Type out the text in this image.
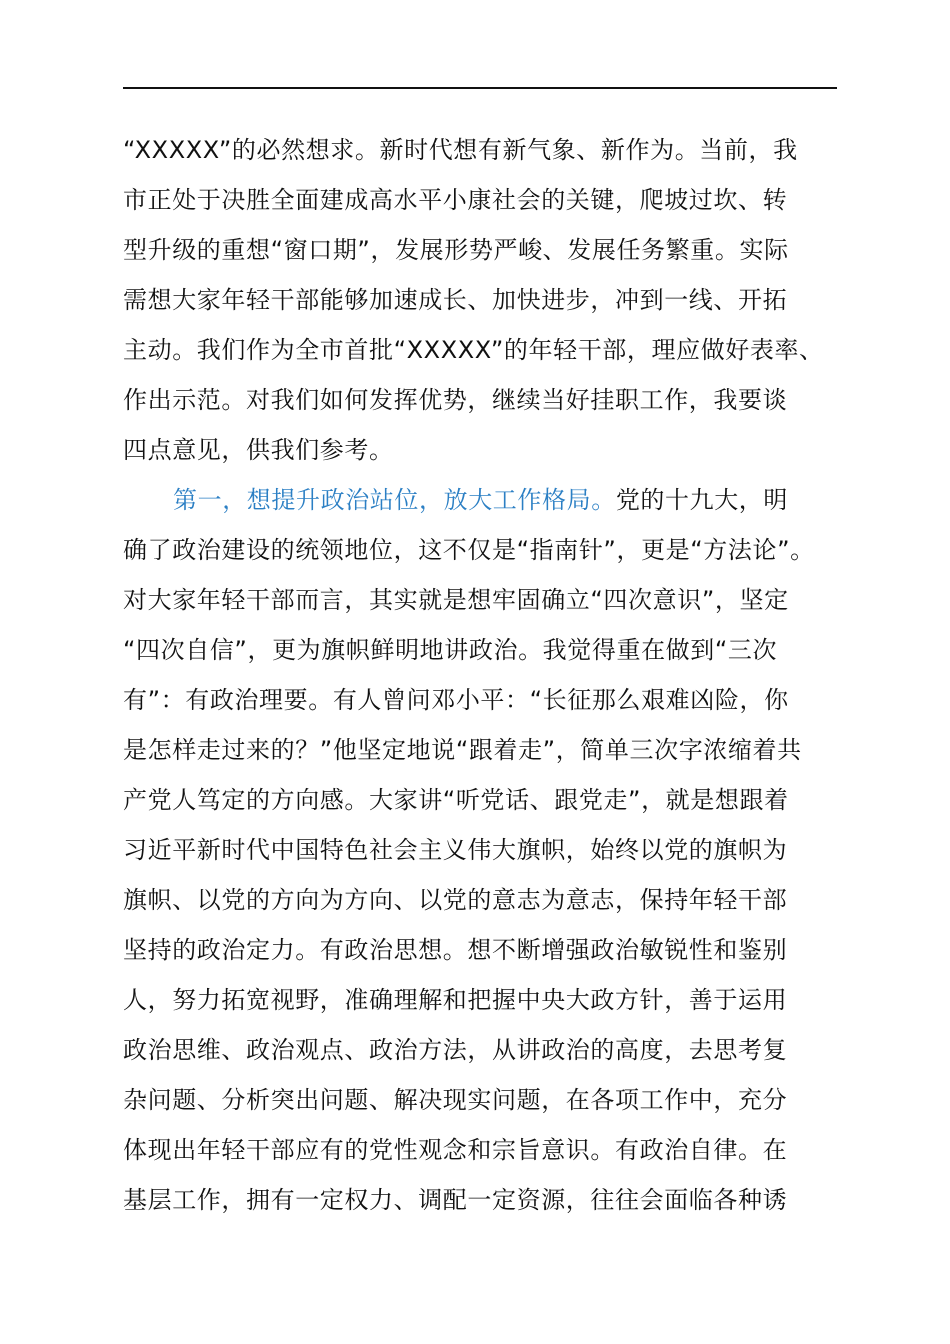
“XXXXX”的必然想求。新时代想有新气象、新作为。当前，我
市正处于决胜全面建成高水平小康社会的关键，爬坡过坎、转
型升级的重想“窗口期”，发展形势严峻、发展任务繁重。实际
需想大家年轻干部能够加速成长、加快进步，冲到一线、开拓
主动。我们作为全市首批“XXXXX”的年轻干部，理应做好表率、
作出示范。对我们如何发挥优势，继续当好挂职工作，我要谈
四点意见，供我们参考。
第一，想提升政治站位，放大工作格局。党的十九大，明
确了政治建设的统领地位，这不仅是“指南针”，更是“方法论”。
对大家年轻干部而言，其实就是想牢固确立“四次意识”，坚定
“四次自信”，更为旗帜鲜明地讲政治。我觉得重在做到“三次
有”：有政治理要。有人曾问邓小平：“长征那么艰难凶险，你
是怎样走过来的？”他坚定地说“跟着走”，简单三次字浓缩着共
产党人笃定的方向感。大家讲“听党话、跟党走”，就是想跟着
习近平新时代中国特色社会主义伟大旗帜，始终以党的旗帜为
旗帜、以党的方向为方向、以党的意志为意志，保持年轻干部
坚持的政治定力。有政治思想。想不断增强政治敏锐性和鉴别
人，努力拓宽视野，准确理解和把握中央大政方针，善于运用
政治思维、政治观点、政治方法，从讲政治的高度，去思考复
杂问题、分析突出问题、解决现实问题，在各项工作中，充分
体现出年轻干部应有的党性观念和宗旨意识。有政治自律。在
基层工作，拥有一定权力、调配一定资源，往往会面临各种诱
